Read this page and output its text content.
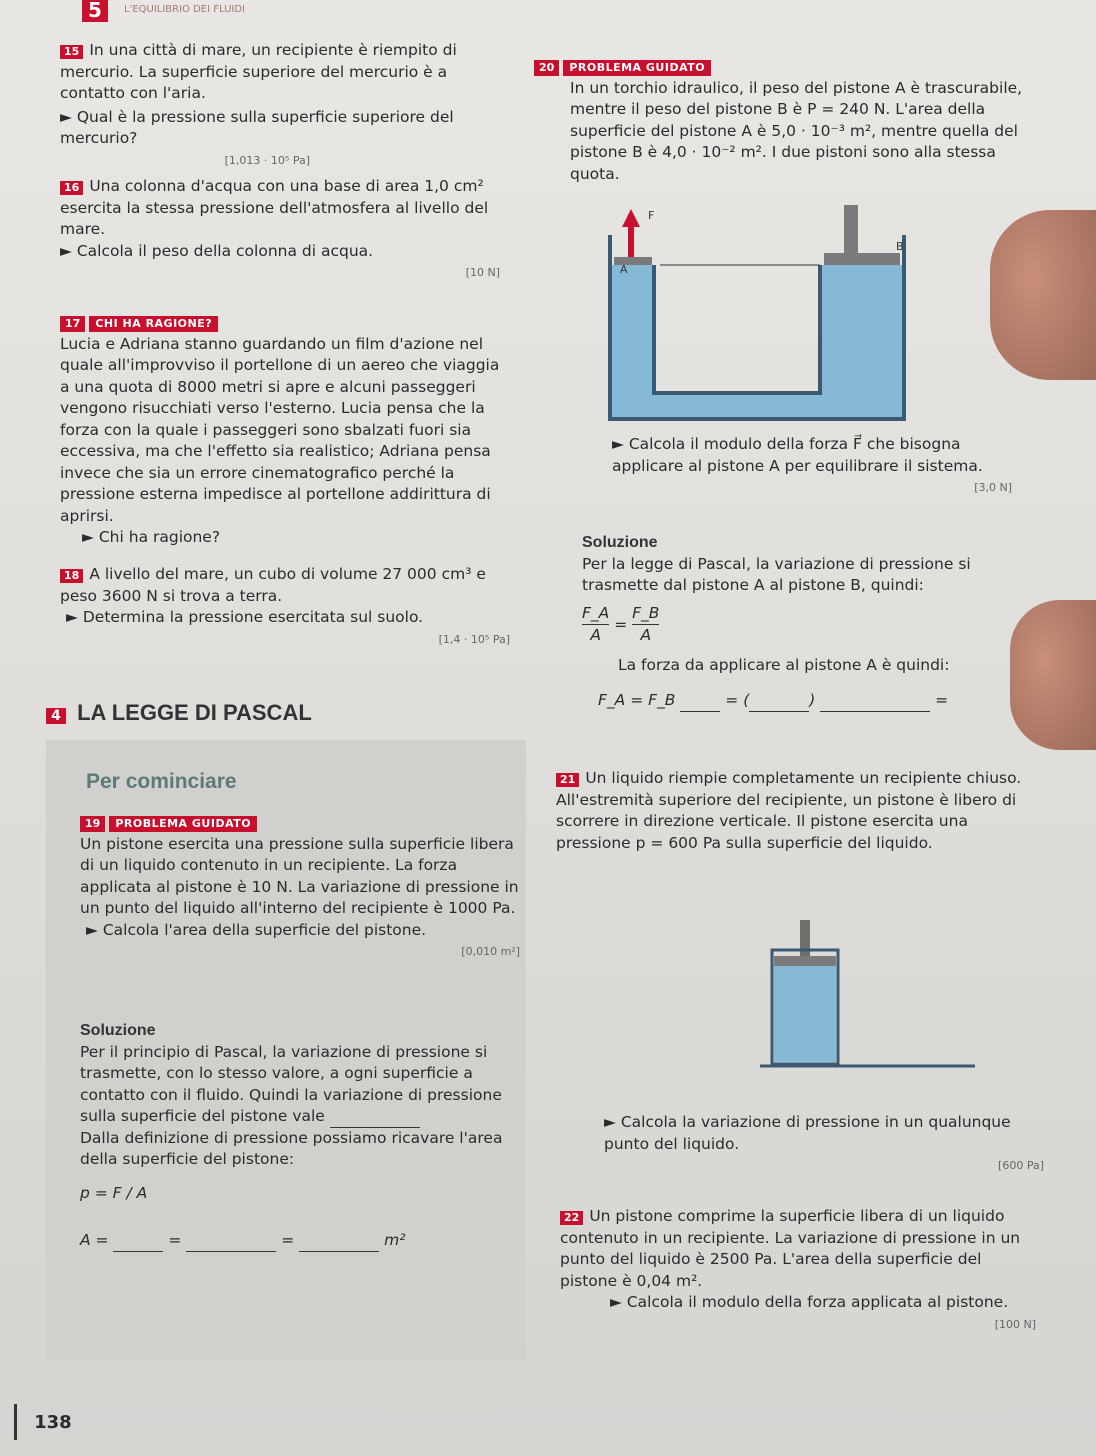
5	L'EQUILIBRIO DEI FLUIDI
15 In una città di mare, un recipiente è riempito di mercurio. La superficie superiore del mercurio è a contatto con l'aria.
► Qual è la pressione sulla superficie superiore del mercurio?
[1,013 · 10⁵ Pa]
16 Una colonna d'acqua con una base di area 1,0 cm² esercita la stessa pressione dell'atmosfera al livello del mare.
► Calcola il peso della colonna di acqua.
[10 N]
17 CHI HA RAGIONE?
Lucia e Adriana stanno guardando un film d'azione nel quale all'improvviso il portellone di un aereo che viaggia a una quota di 8000 metri si apre e alcuni passeggeri vengono risucchiati verso l'esterno. Lucia pensa che la forza con la quale i passeggeri sono sbalzati fuori sia eccessiva, ma che l'effetto sia realistico; Adriana pensa invece che sia un errore cinematografico perché la pressione esterna impedisce al portellone addirittura di aprirsi.
► Chi ha ragione?
18 A livello del mare, un cubo di volume 27 000 cm³ e peso 3600 N si trova a terra.
► Determina la pressione esercitata sul suolo.
[1,4 · 10⁵ Pa]
4 LA LEGGE DI PASCAL
Per cominciare
19 PROBLEMA GUIDATO
Un pistone esercita una pressione sulla superficie libera di un liquido contenuto in un recipiente. La forza applicata al pistone è 10 N. La variazione di pressione in un punto del liquido all'interno del recipiente è 1000 Pa.
► Calcola l'area della superficie del pistone.
[0,010 m²]
Soluzione
Per il principio di Pascal, la variazione di pressione si trasmette, con lo stesso valore, a ogni superficie a contatto con il fluido. Quindi la variazione di pressione sulla superficie del pistone vale
Dalla definizione di pressione possiamo ricavare l'area della superficie del pistone:
p = F / A
A =	=	=	m²
138
20 PROBLEMA GUIDATO
In un torchio idraulico, il peso del pistone A è trascurabile, mentre il peso del pistone B è P = 240 N. L'area della superficie del pistone A è 5,0 · 10⁻³ m², mentre quella del pistone B è 4,0 · 10⁻² m². I due pistoni sono alla stessa quota.
F
A
B
► Calcola il modulo della forza F⃗ che bisogna applicare al pistone A per equilibrare il sistema.
[3,0 N]
Soluzione
Per la legge di Pascal, la variazione di pressione si trasmette dal pistone A al pistone B, quindi:
$\frac{F\_A}{A} = \frac{F\_B}{A}$
La forza da applicare al pistone A è quindi:
F_A = F_B	= (	)	=
21 Un liquido riempie completamente un recipiente chiuso. All'estremità superiore del recipiente, un pistone è libero di scorrere in direzione verticale. Il pistone esercita una pressione p = 600 Pa sulla superficie del liquido.
► Calcola la variazione di pressione in un qualunque punto del liquido.
[600 Pa]
22 Un pistone comprime la superficie libera di un liquido contenuto in un recipiente. La variazione di pressione in un punto del liquido è 2500 Pa. L'area della superficie del pistone è 0,04 m².
► Calcola il modulo della forza applicata al pistone.
[100 N]
